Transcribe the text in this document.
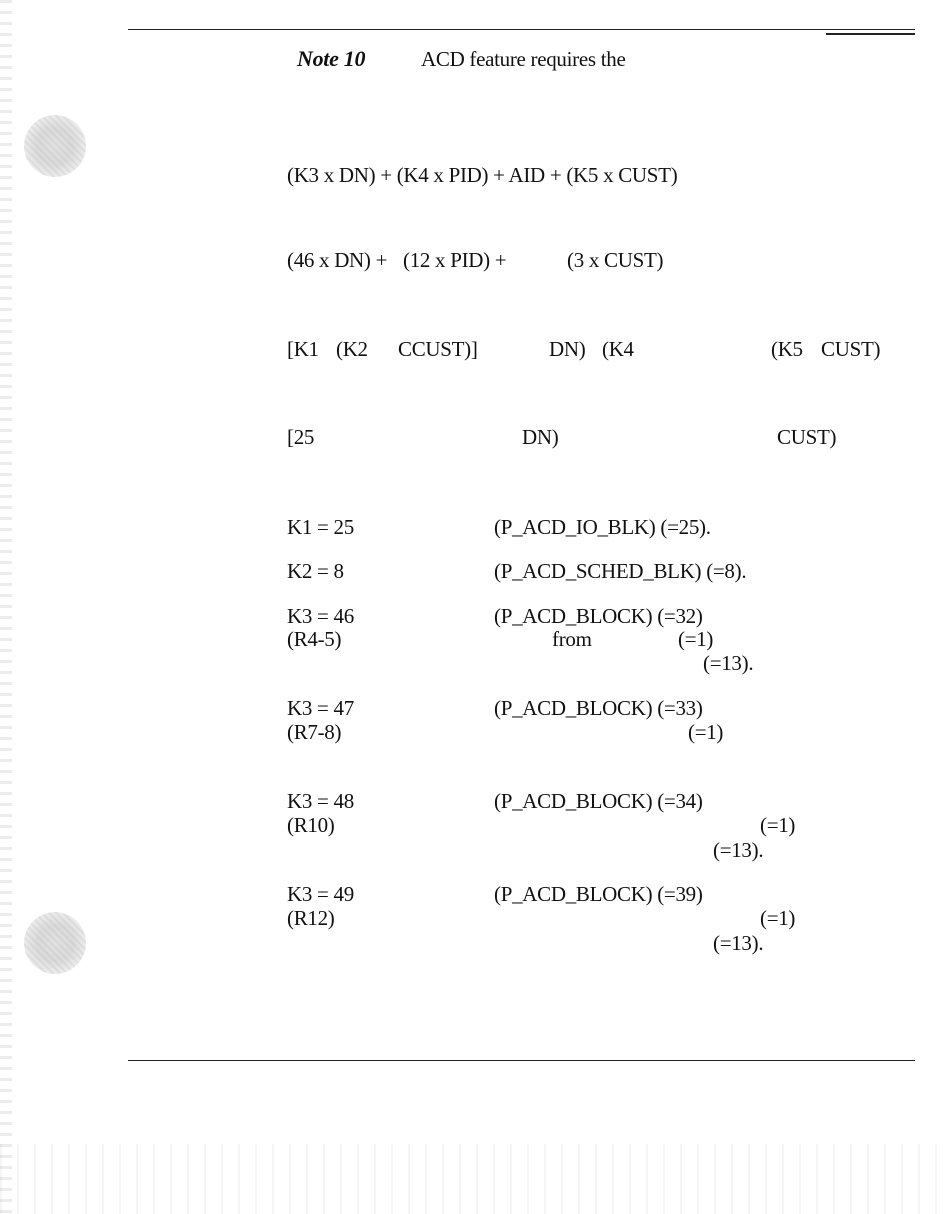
Note 10	ACD feature requires the
(K3 x DN) + (K4 x PID) + AID + (K5 x CUST)
(46 x DN) + (12 x PID) +	(3 x CUST)
[K1 (K2 CCUST)]	DN) (K4	(K5 CUST)
[25	DN)	CUST)
K1 = 25	(P_ACD_IO_BLK) (=25).
K2 = 8	(P_ACD_SCHED_BLK) (=8).
K3 = 46	(P_ACD_BLOCK) (=32)
(R4-5)	from	(=1)
(=13).
K3 = 47	(P_ACD_BLOCK) (=33)
(R7-8)	(=1)
K3 = 48	(P_ACD_BLOCK) (=34)
(R10)	(=1)
(=13).
K3 = 49	(P_ACD_BLOCK) (=39)
(R12)	(=1)
(=13).
